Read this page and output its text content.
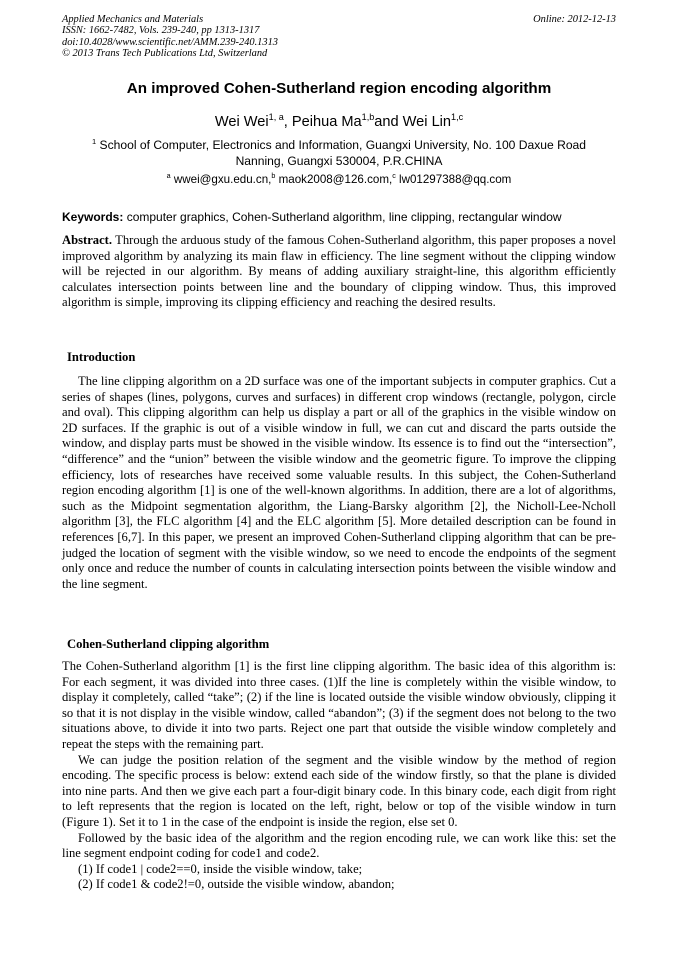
Applied Mechanics and Materials
ISSN: 1662-7482, Vols. 239-240, pp 1313-1317
doi:10.4028/www.scientific.net/AMM.239-240.1313
© 2013 Trans Tech Publications Ltd, Switzerland
Online: 2012-12-13
An improved Cohen-Sutherland region encoding algorithm
Wei Wei$^{1, a}$, Peihua Ma$^{1,b}$and Wei Lin$^{1,c}$
$^1$ School of Computer, Electronics and Information, Guangxi University, No. 100 Daxue Road
Nanning, Guangxi 530004, P.R.CHINA
$^a$ wwei@gxu.edu.cn,$^b$ maok2008@126.com,$^c$ lw01297388@qq.com
Keywords: computer graphics, Cohen-Sutherland algorithm, line clipping, rectangular window

Abstract. Through the arduous study of the famous Cohen-Sutherland algorithm, this paper proposes a novel improved algorithm by analyzing its main flaw in efficiency. The line segment without the clipping window will be rejected in our algorithm. By means of adding auxiliary straight-line, this algorithm efficiently calculates intersection points between line and the boundary of clipping window. Thus, this improved algorithm is simple, improving its clipping efficiency and reaching the desired results.

Introduction

The line clipping algorithm on a 2D surface was one of the important subjects in computer graphics. Cut a series of shapes (lines, polygons, curves and surfaces) in different crop windows (rectangle, polygon, circle and oval). This clipping algorithm can help us display a part or all of the graphics in the visible window on 2D surfaces. If the graphic is out of a visible window in full, we can cut and discard the parts outside the window, and display parts must be showed in the visible window. Its essence is to find out the “intersection”, “difference” and the “union” between the visible window and the geometric figure. To improve the clipping efficiency, lots of researches have received some valuable results. In this subject, the Cohen-Sutherland region encoding algorithm [1] is one of the well-known algorithms. In addition, there are a lot of algorithms, such as the Midpoint segmentation algorithm, the Liang-Barsky algorithm [2], the Nicholl-Lee-Ncholl algorithm [3], the FLC algorithm [4] and the ELC algorithm [5]. More detailed description can be found in references [6,7]. In this paper, we present an improved Cohen-Sutherland clipping algorithm that can be pre-judged the location of segment with the visible window, so we need to encode the endpoints of the segment only once and reduce the number of counts in calculating intersection points between the visible window and the line segment.

Cohen-Sutherland clipping algorithm

The Cohen-Sutherland algorithm [1] is the first line clipping algorithm. The basic idea of this algorithm is: For each segment, it was divided into three cases. (1)If the line is completely within the visible window, to display it completely, called “take”; (2) if the line is located outside the visible window obviously, clipping it so that it is not display in the visible window, called “abandon”; (3) if the segment does not belong to the two situations above, to divide it into two parts. Reject one part that outside the visible window completely and repeat the steps with the remaining part.

We can judge the position relation of the segment and the visible window by the method of region encoding. The specific process is below: extend each side of the window firstly, so that the plane is divided into nine parts. And then we give each part a four-digit binary code. In this binary code, each digit from right to left represents that the region is located on the left, right, below or top of the visible window in turn (Figure 1). Set it to 1 in the case of the endpoint is inside the region, else set 0.

Followed by the basic idea of the algorithm and the region encoding rule, we can work like this: set the line segment endpoint coding for code1 and code2.

(1) If code1 | code2==0, inside the visible window, take;

(2) If code1 & code2!=0, outside the visible window, abandon;
